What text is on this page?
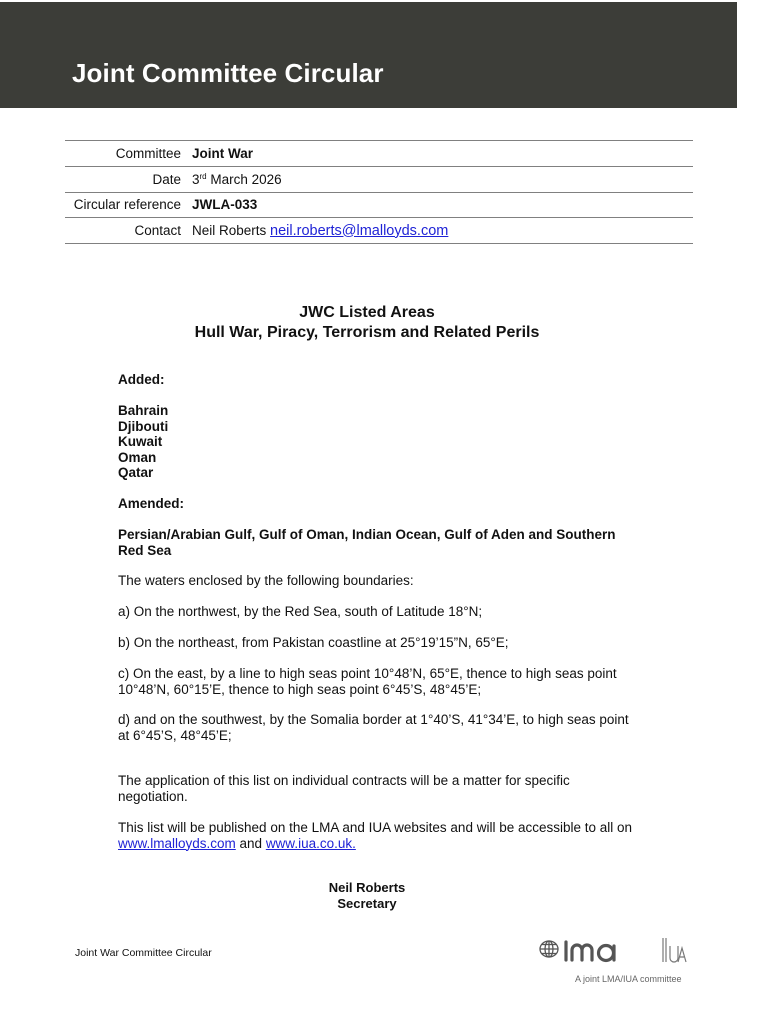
Joint Committee Circular
Committee	Joint War
Date	3rd March 2026
Circular reference	JWLA-033
Contact	Neil Roberts neil.roberts@lmalloyds.com
JWC Listed Areas
Hull War, Piracy, Terrorism and Related Perils
Added:
Bahrain
Djibouti
Kuwait
Oman
Qatar
Amended:
Persian/Arabian Gulf, Gulf of Oman, Indian Ocean, Gulf of Aden and Southern Red Sea
The waters enclosed by the following boundaries:
a) On the northwest, by the Red Sea, south of Latitude 18°N;
b) On the northeast, from Pakistan coastline at 25°19’15”N, 65°E;
c) On the east, by a line to high seas point 10°48’N, 65°E, thence to high seas point 10°48’N, 60°15’E, thence to high seas point 6°45’S, 48°45’E;
d) and on the southwest, by the Somalia border at 1°40’S, 41°34’E, to high seas point at 6°45’S, 48°45’E;
The application of this list on individual contracts will be a matter for specific negotiation.
This list will be published on the LMA and IUA websites and will be accessible to all on
www.lmalloyds.com and www.iua.co.uk.
Neil Roberts
Secretary
Joint War Committee Circular
A joint LMA/IUA committee
